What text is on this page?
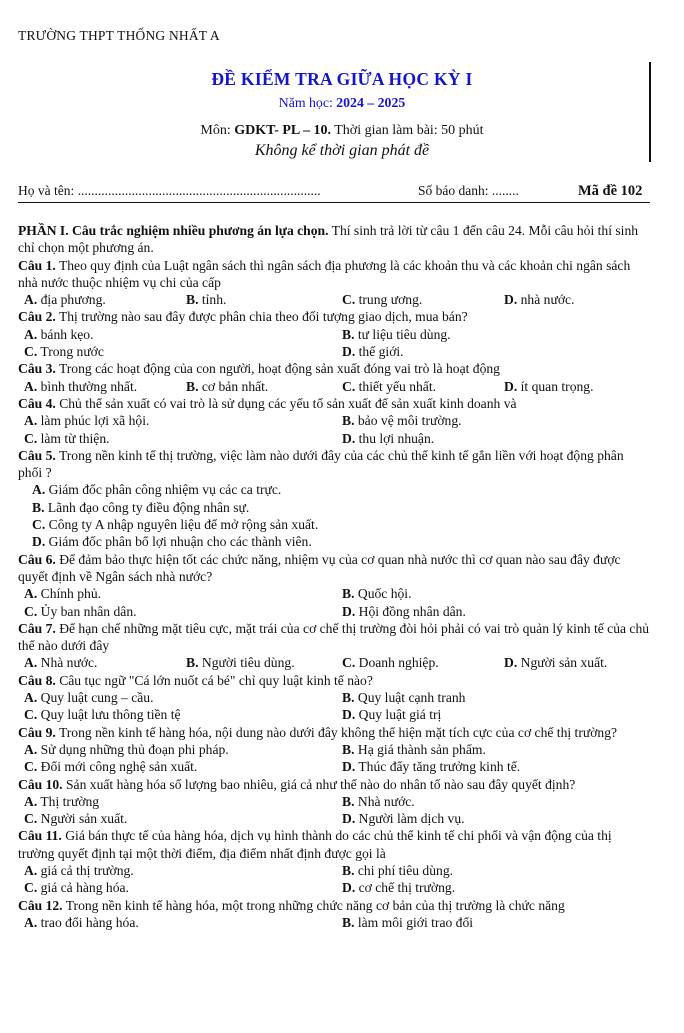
TRƯỜNG THPT THỐNG NHẤT A
ĐỀ KIỂM TRA GIỮA HỌC KỲ I
Năm học: 2024 – 2025
Môn: GDKT- PL – 10. Thời gian làm bài: 50 phút
Không kể thời gian phát đề
Họ và tên: ........................................................................	Số báo danh: ........	Mã đề 102

PHẦN I. Câu trắc nghiệm nhiều phương án lựa chọn. Thí sinh trả lời từ câu 1 đến câu 24. Mỗi câu hỏi thí sinh chỉ chọn một phương án.

Câu 1. Theo quy định của Luật ngân sách thì ngân sách địa phương là các khoản thu và các khoản chi ngân sách nhà nước thuộc nhiệm vụ chi của cấp

A. địa phương.	B. tỉnh.	C. trung ương.	D. nhà nước.

Câu 2. Thị trường nào sau đây được phân chia theo đối tượng giao dịch, mua bán?

A. bánh kẹo.	B. tư liệu tiêu dùng.
C. Trong nước	D. thế giới.

Câu 3. Trong các hoạt động của con người, hoạt động sản xuất đóng vai trò là hoạt động

A. bình thường nhất.	B. cơ bản nhất.	C. thiết yếu nhất.	D. ít quan trọng.

Câu 4. Chủ thể sản xuất có vai trò là sử dụng các yếu tố sản xuất để sản xuất kinh doanh và

A. làm phúc lợi xã hội.	B. bảo vệ môi trường.
C. làm từ thiện.	D. thu lợi nhuận.

Câu 5. Trong nền kinh tế thị trường, việc làm nào dưới đây của các chủ thể kinh tế gắn liền với hoạt động phân phối ?

A. Giám đốc phân công nhiệm vụ các ca trực.
B. Lãnh đạo công ty điều động nhân sự.
C. Công ty A nhập nguyên liệu để mở rộng sản xuất.
D. Giám đốc phân bổ lợi nhuận cho các thành viên.

Câu 6. Để đảm bảo thực hiện tốt các chức năng, nhiệm vụ của cơ quan nhà nước thì cơ quan nào sau đây được quyết định về Ngân sách nhà nước?

A. Chính phủ.	B. Quốc hội.
C. Ủy ban nhân dân.	D. Hội đồng nhân dân.

Câu 7. Để hạn chế những mặt tiêu cực, mặt trái của cơ chế thị trường đòi hỏi phải có vai trò quản lý kinh tế của chủ thể nào dưới đây

A. Nhà nước.	B. Người tiêu dùng.	C. Doanh nghiệp.	D. Người sản xuất.

Câu 8. Câu tục ngữ "Cá lớn nuốt cá bé" chỉ quy luật kinh tế nào?

A. Quy luật cung – cầu.	B. Quy luật cạnh tranh
C. Quy luật lưu thông tiền tệ	D. Quy luật giá trị

Câu 9. Trong nền kinh tế hàng hóa, nội dung nào dưới đây không thể hiện mặt tích cực của cơ chế thị trường?

A. Sử dụng những thủ đoạn phi pháp.	B. Hạ giá thành sản phẩm.
C. Đổi mới công nghệ sản xuất.	D. Thúc đẩy tăng trưởng kinh tế.

Câu 10. Sản xuất hàng hóa số lượng bao nhiêu, giá cả như thế nào do nhân tố nào sau đây quyết định?

A. Thị trường	B. Nhà nước.
C. Người sản xuất.	D. Người làm dịch vụ.

Câu 11. Giá bán thực tế của hàng hóa, dịch vụ hình thành do các chủ thể kinh tế chi phối và vận động của thị trường quyết định tại một thời điểm, địa điểm nhất định được gọi là

A. giá cả thị trường.	B. chi phí tiêu dùng.
C. giá cả hàng hóa.	D. cơ chế thị trường.

Câu 12. Trong nền kinh tế hàng hóa, một trong những chức năng cơ bản của thị trường là chức năng

A. trao đổi hàng hóa.	B. làm môi giới trao đổi
